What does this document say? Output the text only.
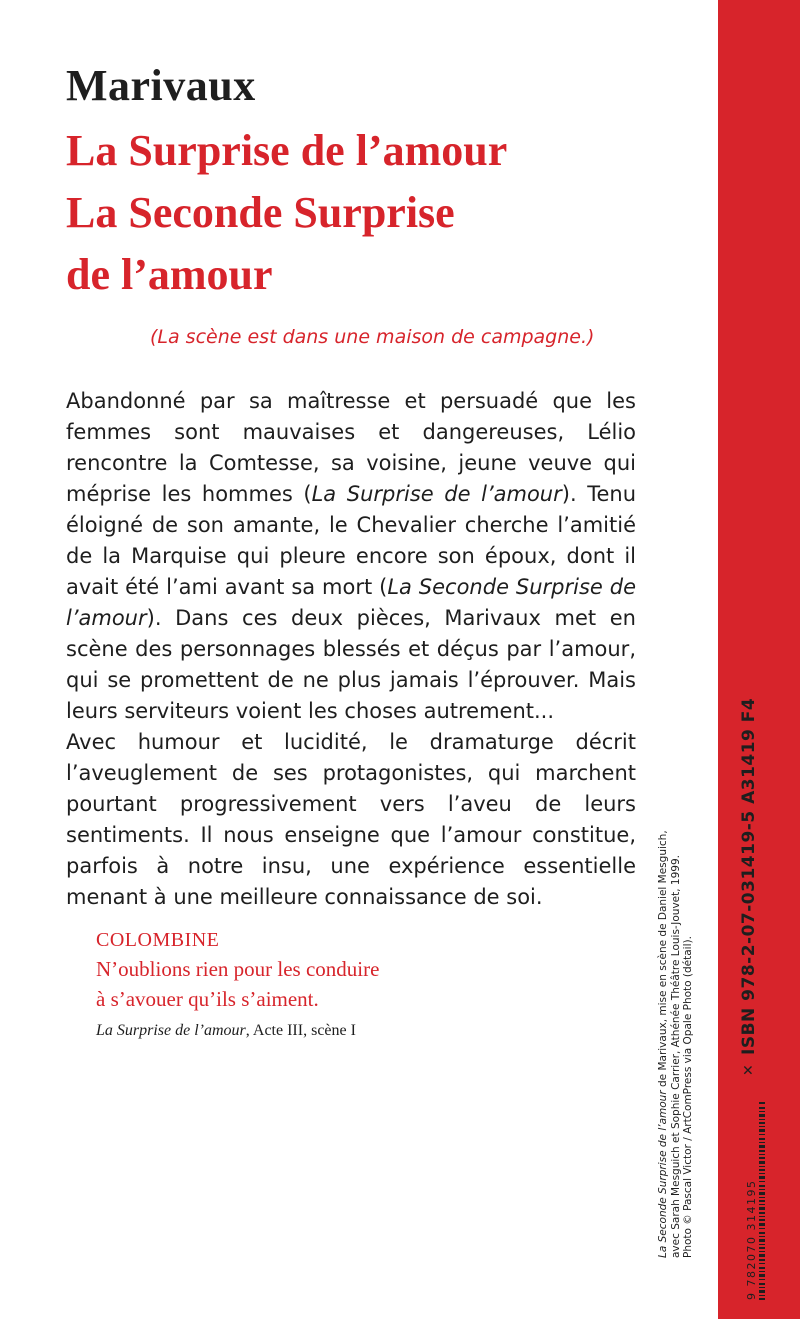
Marivaux
La Surprise de l’amour
La Seconde Surprise
de l’amour
(La scène est dans une maison de campagne.)

Abandonné par sa maîtresse et persuadé que les femmes sont mauvaises et dangereuses, Lélio rencontre la Comtesse, sa voisine, jeune veuve qui méprise les hommes (La Surprise de l’amour). Tenu éloigné de son amante, le Chevalier cherche l’amitié de la Marquise qui pleure encore son époux, dont il avait été l’ami avant sa mort (La Seconde Surprise de l’amour). Dans ces deux pièces, Marivaux met en scène des personnages blessés et déçus par l’amour, qui se promettent de ne plus jamais l’éprouver. Mais leurs serviteurs voient les choses autrement...

Avec humour et lucidité, le dramaturge décrit l’aveuglement de ses protagonistes, qui marchent pourtant progressivement vers l’aveu de leurs sentiments. Il nous enseigne que l’amour constitue, parfois à notre insu, une expérience essentielle menant à une meilleure connaissance de soi.

COLOMBINE
N’oublions rien pour les conduire
à s’avouer qu’ils s’aiment.
La Surprise de l’amour, Acte III, scène I
La Seconde Surprise de l’amour de Marivaux, mise en scène de Daniel Mesguich, avec Sarah Mesguich et Sophie Carrier, Athénée Théâtre Louis-Jouvet, 1999. Photo © Pascal Victor / ArtComPress via Opale Photo (détail).	9 782070 314195
✕
ISBN 978-2-07-031419-5 A31419 F4
